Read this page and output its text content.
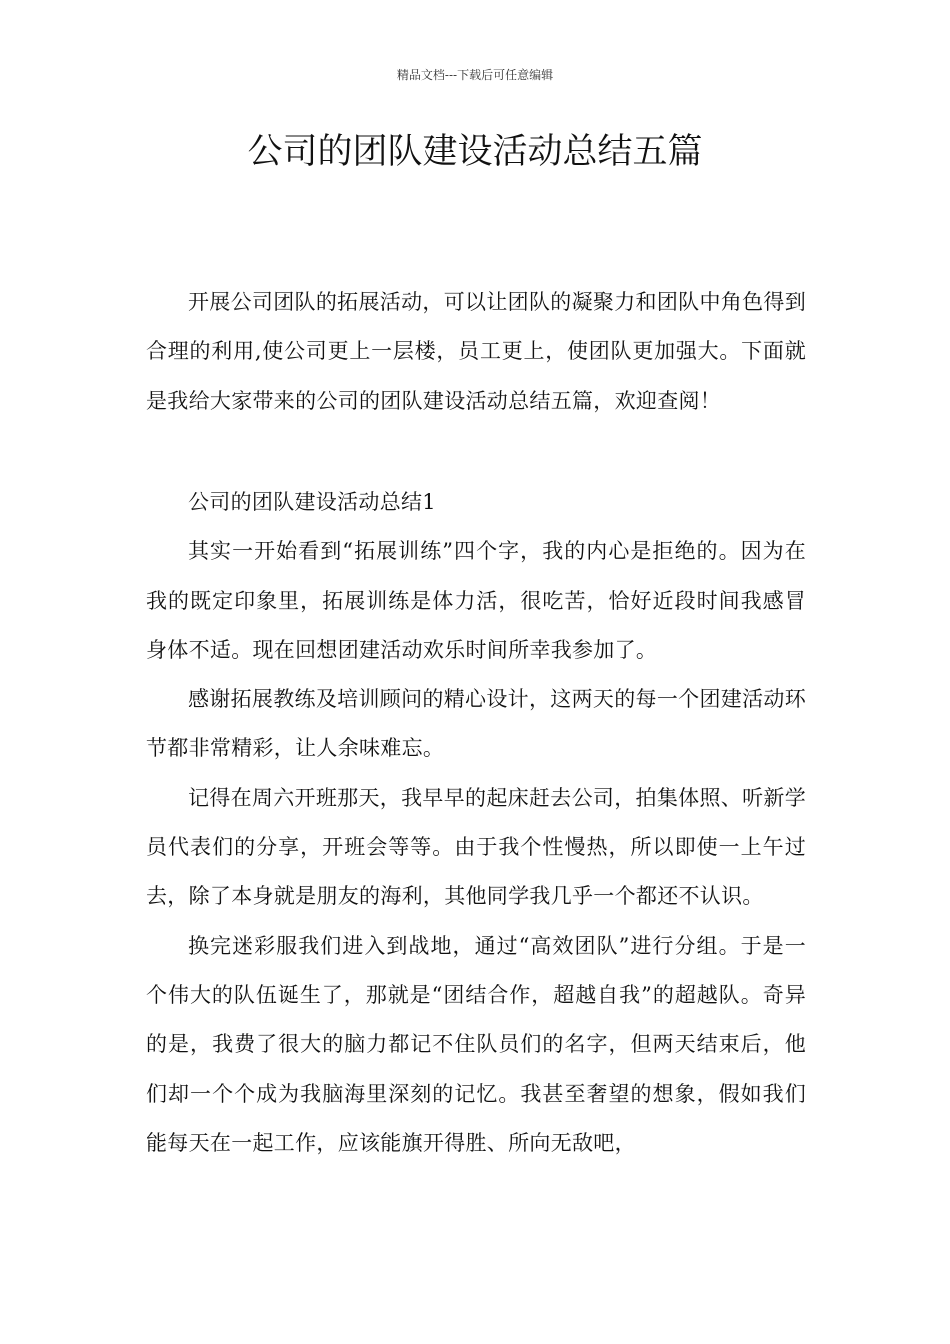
精品文档---下载后可任意编辑
公司的团队建设活动总结五篇

开展公司团队的拓展活动，可以让团队的凝聚力和团队中角色得到合理的利用,使公司更上一层楼，员工更上，使团队更加强大。下面就是我给大家带来的公司的团队建设活动总结五篇，欢迎查阅！

公司的团队建设活动总结1

其实一开始看到“拓展训练”四个字，我的内心是拒绝的。因为在我的既定印象里，拓展训练是体力活，很吃苦，恰好近段时间我感冒身体不适。现在回想团建活动欢乐时间所幸我参加了。

感谢拓展教练及培训顾问的精心设计，这两天的每一个团建活动环节都非常精彩，让人余味难忘。

记得在周六开班那天，我早早的起床赶去公司，拍集体照、听新学员代表们的分享，开班会等等。由于我个性慢热，所以即使一上午过去，除了本身就是朋友的海利，其他同学我几乎一个都还不认识。

换完迷彩服我们进入到战地，通过“高效团队”进行分组。于是一个伟大的队伍诞生了，那就是“团结合作，超越自我”的超越队。奇异的是，我费了很大的脑力都记不住队员们的名字，但两天结束后，他们却一个个成为我脑海里深刻的记忆。我甚至奢望的想象，假如我们能每天在一起工作，应该能旗开得胜、所向无敌吧，
